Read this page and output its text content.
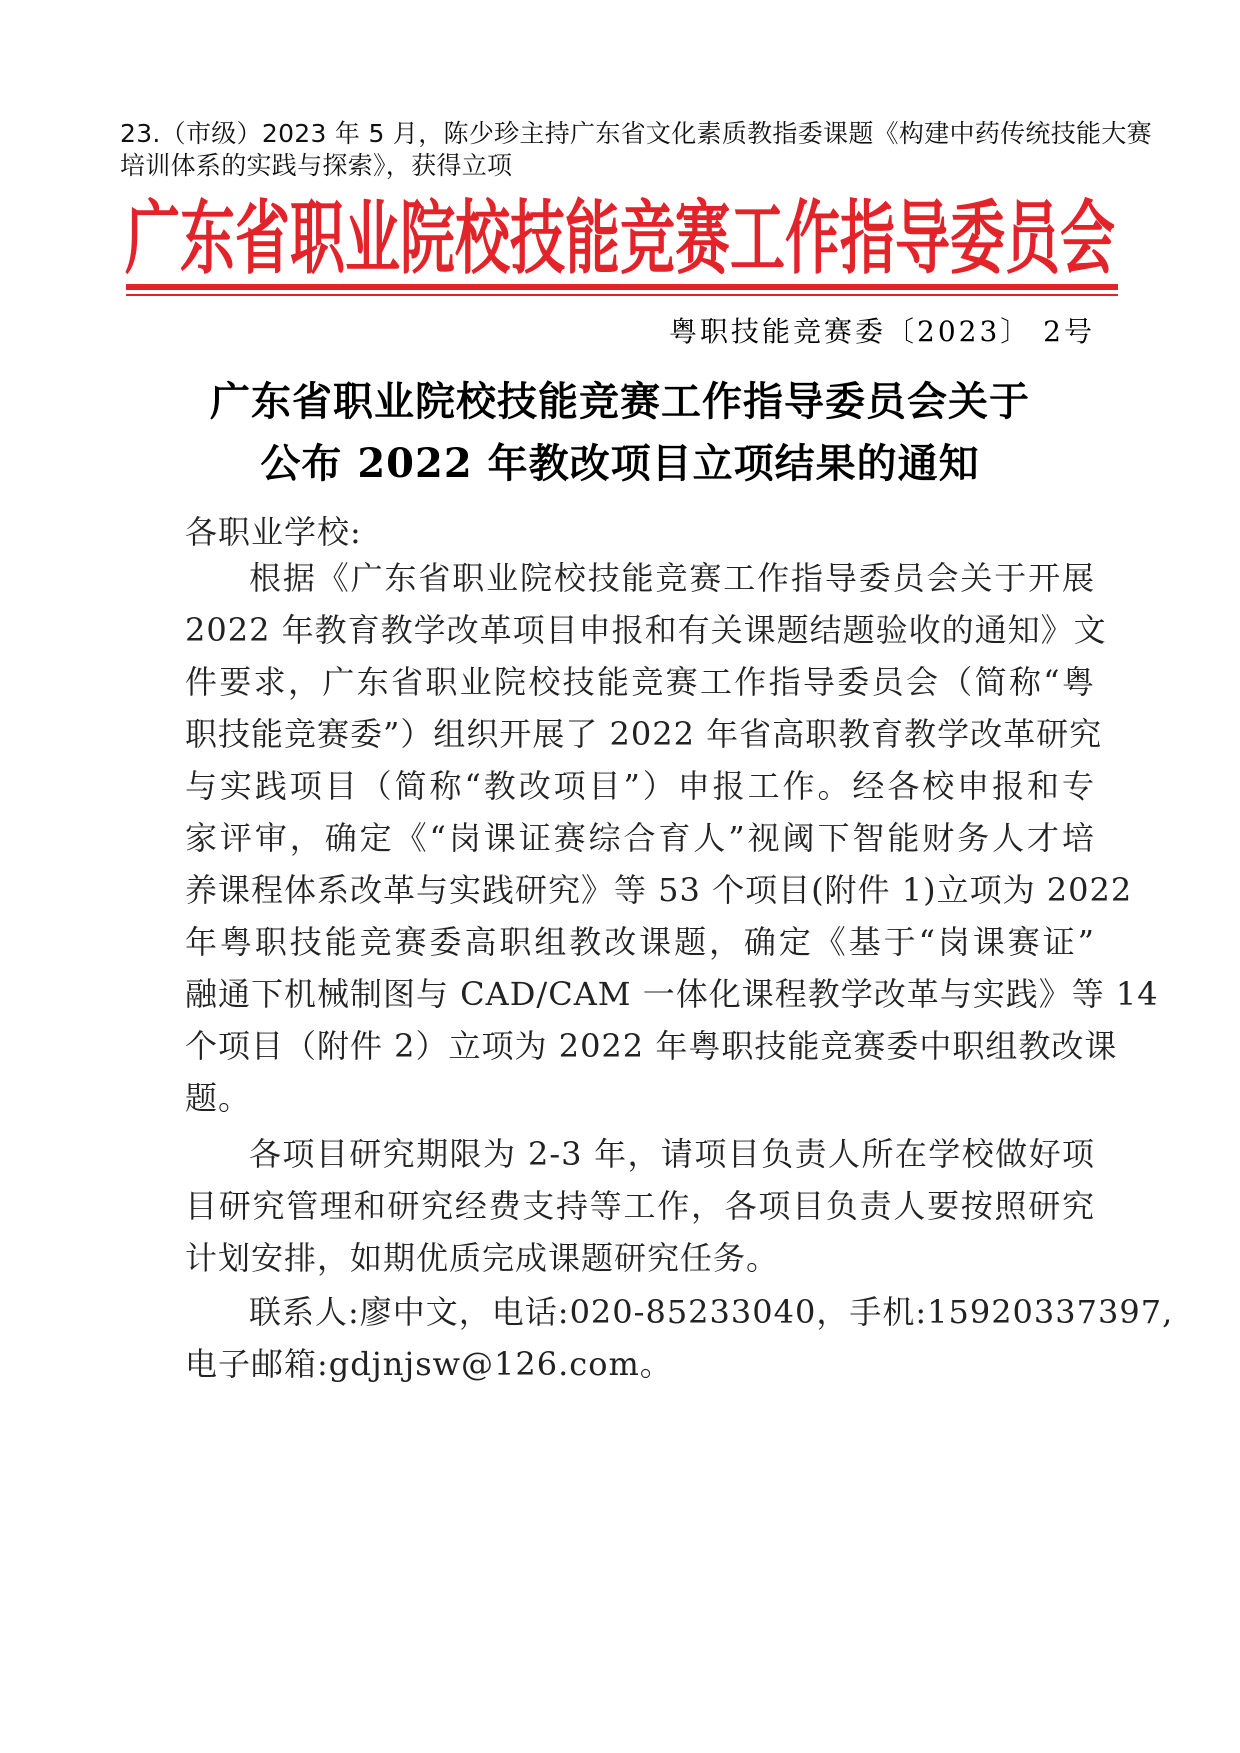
23.（市级）2023 年 5 月，陈少珍主持广东省文化素质教指委课题《构建中药传统技能大赛
培训体系的实践与探索》，获得立项
广东省职业院校技能竞赛工作指导委员会
粤职技能竞赛委〔2023〕 2号
广东省职业院校技能竞赛工作指导委员会关于
公布 2022 年教改项目立项结果的通知
各职业学校:
根据《广东省职业院校技能竞赛工作指导委员会关于开展
2022 年教育教学改革项目申报和有关课题结题验收的通知》文
件要求，广东省职业院校技能竞赛工作指导委员会（简称“粤
职技能竞赛委”）组织开展了 2022 年省高职教育教学改革研究
与实践项目（简称“教改项目”）申报工作。经各校申报和专
家评审，确定《“岗课证赛综合育人”视阈下智能财务人才培
养课程体系改革与实践研究》等 53 个项目(附件 1)立项为 2022
年粤职技能竞赛委高职组教改课题，确定《基于“岗课赛证”
融通下机械制图与 CAD/CAM 一体化课程教学改革与实践》等 14
个项目（附件 2）立项为 2022 年粤职技能竞赛委中职组教改课
题。
各项目研究期限为 2-3 年，请项目负责人所在学校做好项
目研究管理和研究经费支持等工作，各项目负责人要按照研究
计划安排，如期优质完成课题研究任务。
联系人:廖中文，电话:020-85233040，手机:15920337397,
电子邮箱:gdjnjsw@126.com。
